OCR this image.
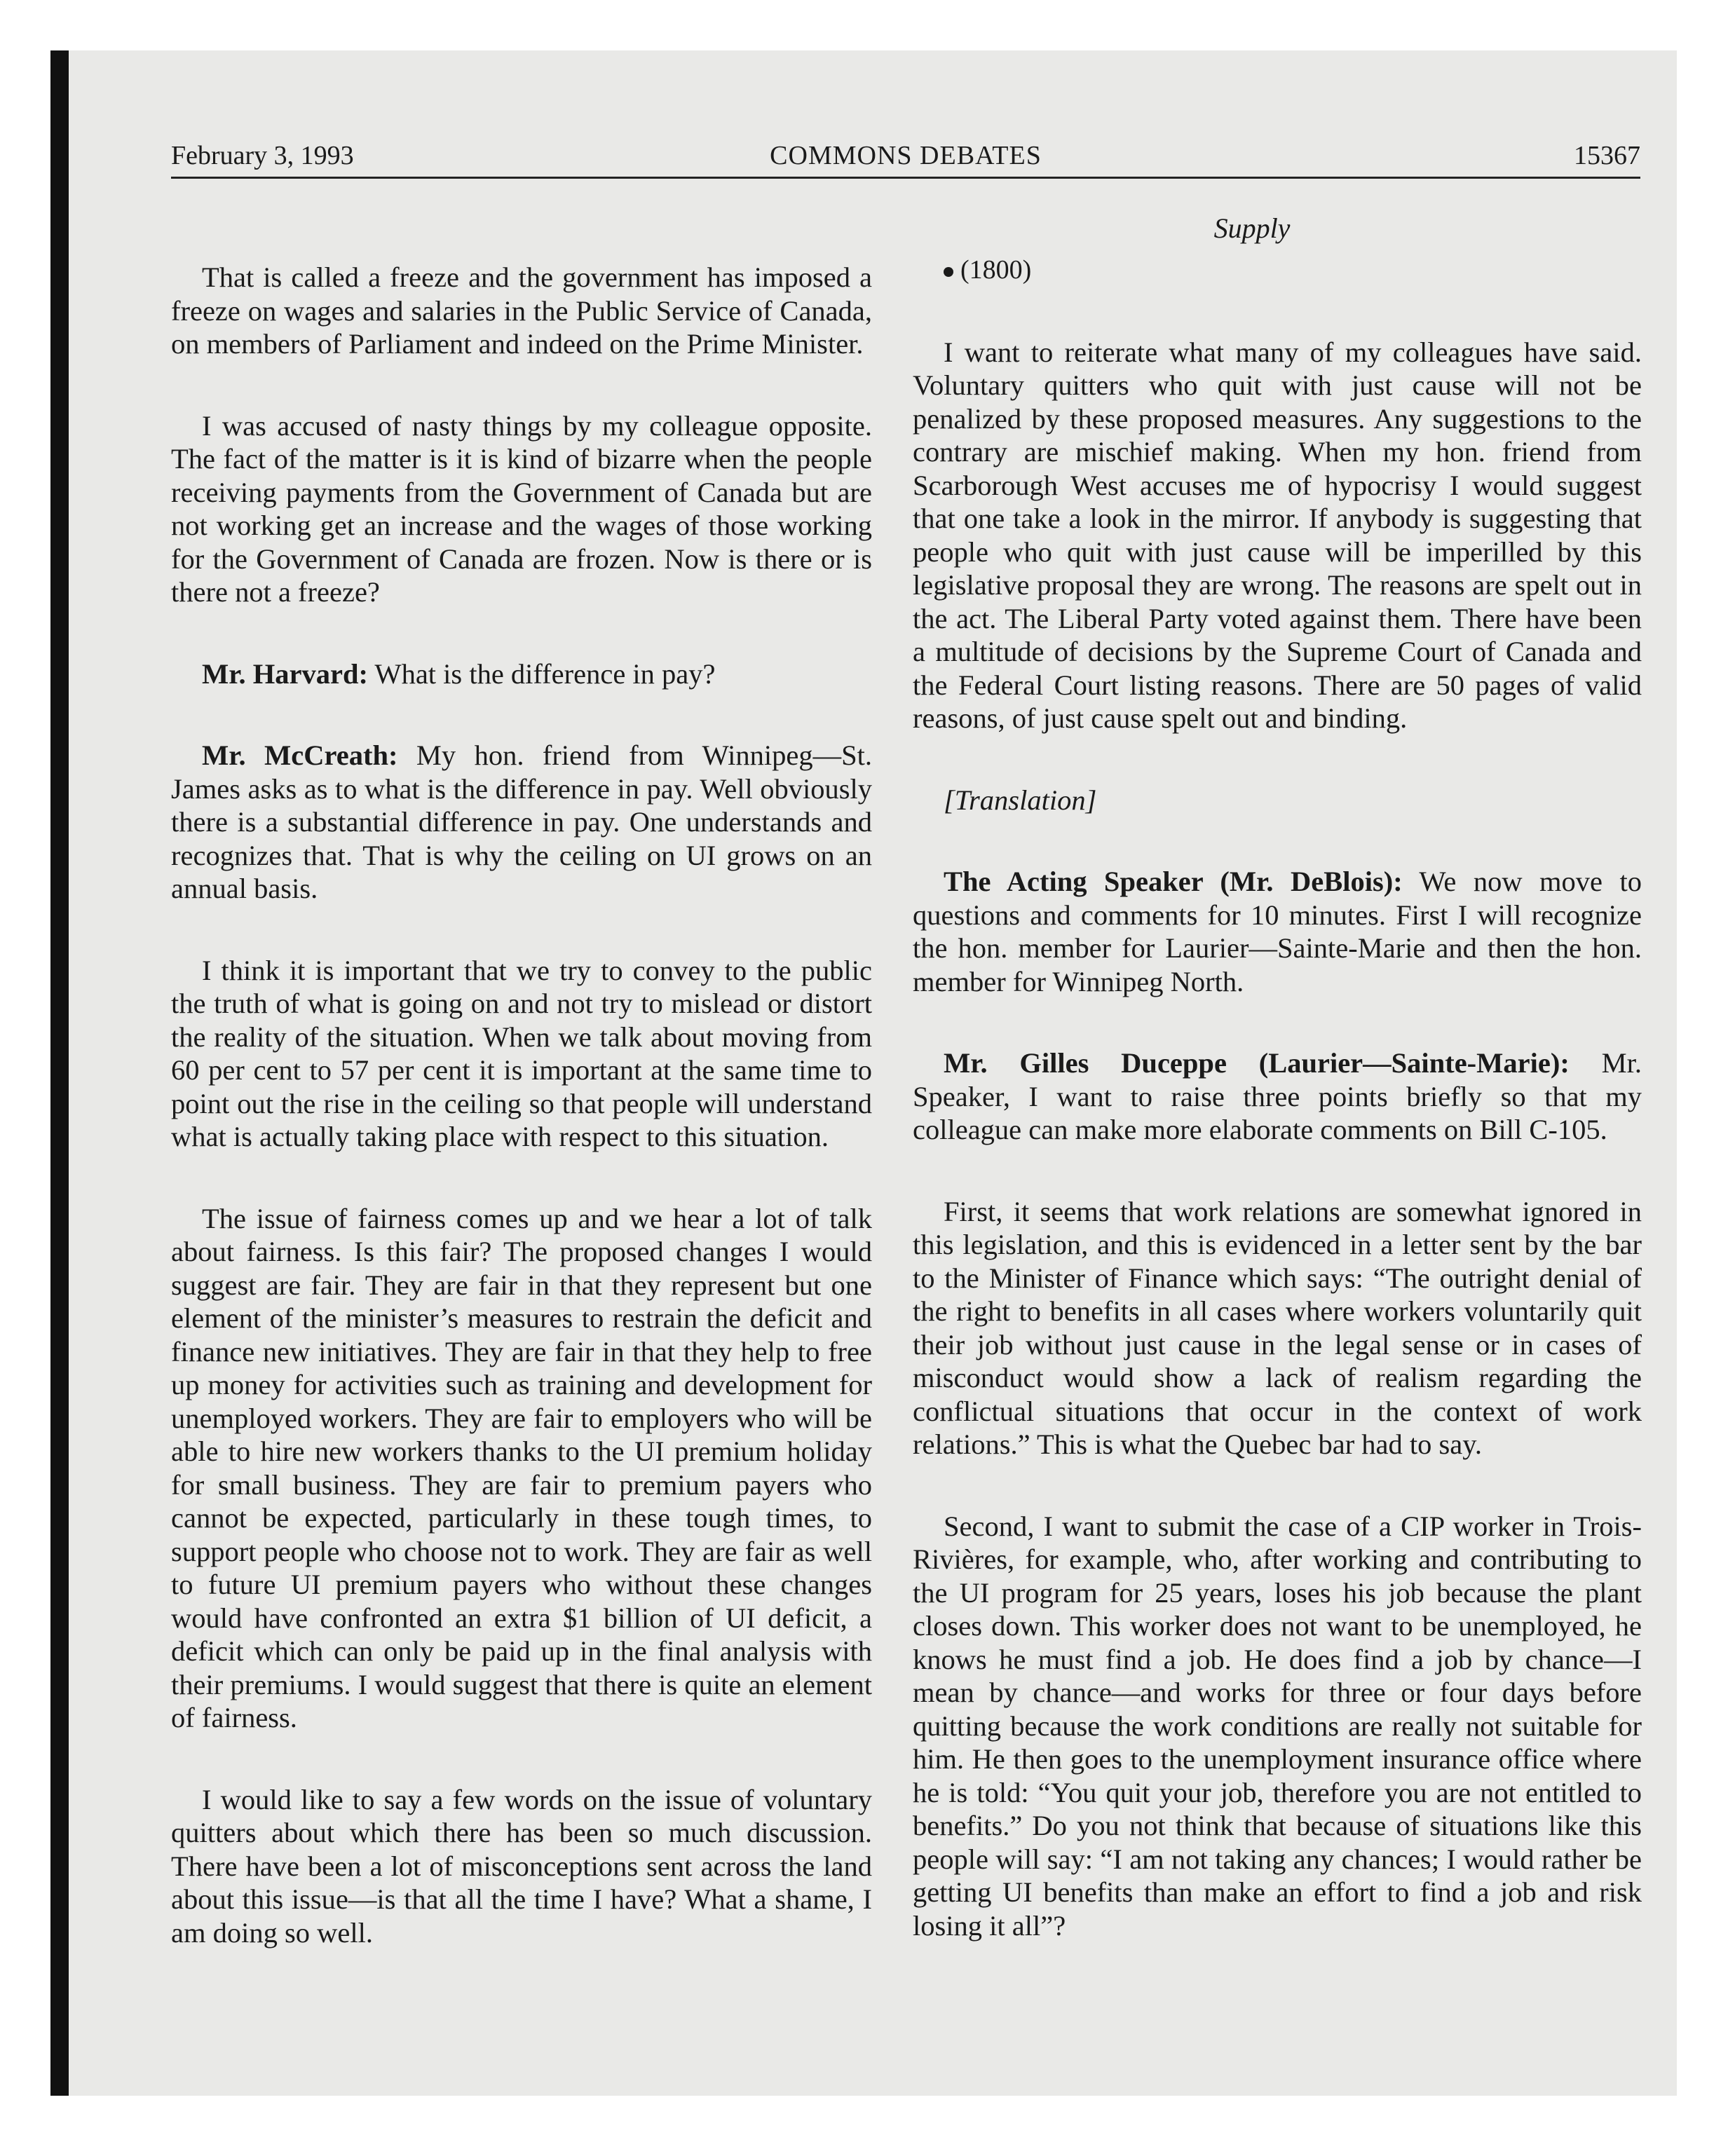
February 3, 1993	COMMONS DEBATES	15367
Supply

That is called a freeze and the government has imposed a freeze on wages and salaries in the Public Service of Canada, on members of Parliament and indeed on the Prime Minister.

I was accused of nasty things by my colleague opposite. The fact of the matter is it is kind of bizarre when the people receiving payments from the Government of Canada but are not working get an increase and the wages of those working for the Government of Canada are frozen. Now is there or is there not a freeze?

Mr. Harvard: What is the difference in pay?

Mr. McCreath: My hon. friend from Winnipeg—St. James asks as to what is the difference in pay. Well obviously there is a substantial difference in pay. One understands and recognizes that. That is why the ceiling on UI grows on an annual basis.

I think it is important that we try to convey to the public the truth of what is going on and not try to mislead or distort the reality of the situation. When we talk about moving from 60 per cent to 57 per cent it is important at the same time to point out the rise in the ceiling so that people will understand what is actually taking place with respect to this situation.

The issue of fairness comes up and we hear a lot of talk about fairness. Is this fair? The proposed changes I would suggest are fair. They are fair in that they represent but one element of the minister’s measures to restrain the deficit and finance new initiatives. They are fair in that they help to free up money for activities such as training and development for unemployed workers. They are fair to employers who will be able to hire new workers thanks to the UI premium holiday for small business. They are fair to premium payers who cannot be expected, particularly in these tough times, to support people who choose not to work. They are fair as well to future UI premium payers who without these changes would have confronted an extra $1 billion of UI deficit, a deficit which can only be paid up in the final analysis with their premiums. I would suggest that there is quite an element of fairness.

I would like to say a few words on the issue of voluntary quitters about which there has been so much discussion. There have been a lot of misconceptions sent across the land about this issue—is that all the time I have? What a shame, I am doing so well.

(1800)

I want to reiterate what many of my colleagues have said. Voluntary quitters who quit with just cause will not be penalized by these proposed measures. Any suggestions to the contrary are mischief making. When my hon. friend from Scarborough West accuses me of hypocrisy I would suggest that one take a look in the mirror. If anybody is suggesting that people who quit with just cause will be imperilled by this legislative proposal they are wrong. The reasons are spelt out in the act. The Liberal Party voted against them. There have been a multitude of decisions by the Supreme Court of Canada and the Federal Court listing reasons. There are 50 pages of valid reasons, of just cause spelt out and binding.

[Translation]

The Acting Speaker (Mr. DeBlois): We now move to questions and comments for 10 minutes. First I will recognize the hon. member for Laurier—Sainte-Marie and then the hon. member for Winnipeg North.

Mr. Gilles Duceppe (Laurier—Sainte-Marie): Mr. Speaker, I want to raise three points briefly so that my colleague can make more elaborate comments on Bill C-105.

First, it seems that work relations are somewhat ignored in this legislation, and this is evidenced in a letter sent by the bar to the Minister of Finance which says: “The outright denial of the right to benefits in all cases where workers voluntarily quit their job without just cause in the legal sense or in cases of misconduct would show a lack of realism regarding the conflictual situations that occur in the context of work relations.” This is what the Quebec bar had to say.

Second, I want to submit the case of a CIP worker in Trois-Rivières, for example, who, after working and contributing to the UI program for 25 years, loses his job because the plant closes down. This worker does not want to be unemployed, he knows he must find a job. He does find a job by chance—I mean by chance—and works for three or four days before quitting because the work conditions are really not suitable for him. He then goes to the unemployment insurance office where he is told: “You quit your job, therefore you are not entitled to benefits.” Do you not think that because of situations like this people will say: “I am not taking any chances; I would rather be getting UI benefits than make an effort to find a job and risk losing it all”?
